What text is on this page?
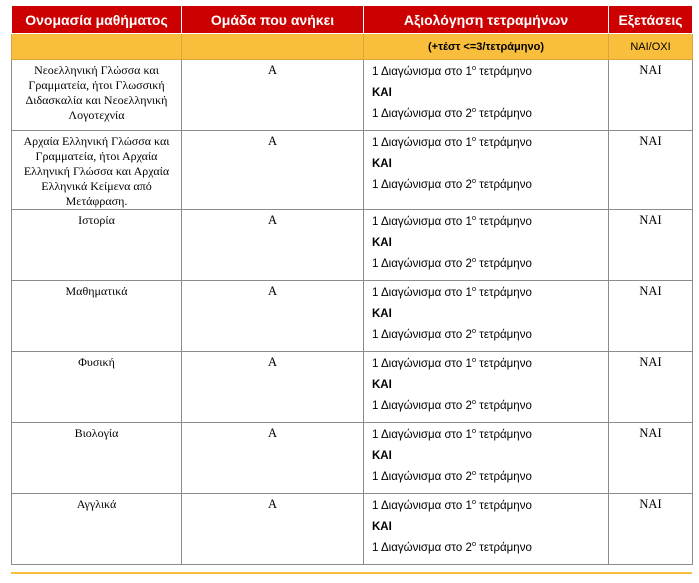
Ονομασία μαθήματος	Ομάδα που ανήκει	Αξιολόγηση τετραμήνων	Εξετάσεις
		(+τέστ <=3/τετράμηνο)	ΝΑΙ/ΟΧΙ
Νεοελληνική Γλώσσα και Γραμματεία, ήτοι Γλωσσική Διδασκαλία και Νεοελληνική Λογοτεχνία	Α	1 Διαγώνισμα στο $1^o$ τετράμηνο
ΚΑΙ
1 Διαγώνισμα στο $2^o$ τετράμηνο	ΝΑΙ
Αρχαία Ελληνική Γλώσσα και Γραμματεία, ήτοι Αρχαία Ελληνική Γλώσσα και Αρχαία Ελληνικά Κείμενα από Μετάφραση.	Α	1 Διαγώνισμα στο $1^o$ τετράμηνο
ΚΑΙ
1 Διαγώνισμα στο $2^o$ τετράμηνο	ΝΑΙ
Ιστορία	Α	1 Διαγώνισμα στο $1^o$ τετράμηνο
ΚΑΙ
1 Διαγώνισμα στο $2^o$ τετράμηνο	ΝΑΙ
Μαθηματικά	Α	1 Διαγώνισμα στο $1^o$ τετράμηνο
ΚΑΙ
1 Διαγώνισμα στο $2^o$ τετράμηνο	ΝΑΙ
Φυσική	Α	1 Διαγώνισμα στο $1^o$ τετράμηνο
ΚΑΙ
1 Διαγώνισμα στο $2^o$ τετράμηνο	ΝΑΙ
Βιολογία	Α	1 Διαγώνισμα στο $1^o$ τετράμηνο
ΚΑΙ
1 Διαγώνισμα στο $2^o$ τετράμηνο	ΝΑΙ
Αγγλικά	Α	1 Διαγώνισμα στο $1^o$ τετράμηνο
ΚΑΙ
1 Διαγώνισμα στο $2^o$ τετράμηνο	ΝΑΙ
